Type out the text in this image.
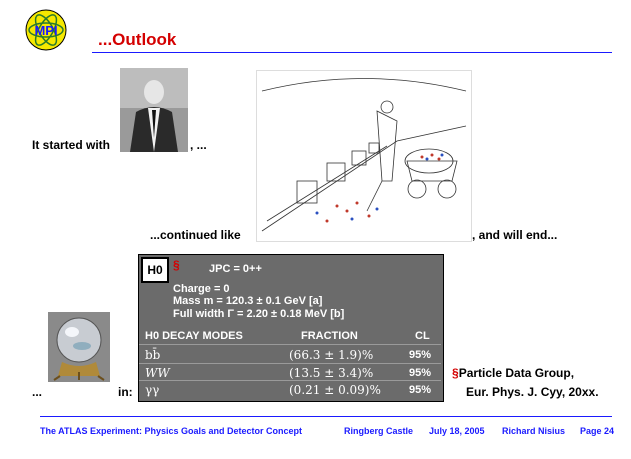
MPI ...Outlook
It started with	, ...
...continued like	, and will end...
H0 §	JPC = 0++
Charge = 0
Mass m = 120.3 ± 0.1 GeV [a]
Full width Γ = 2.20 ± 0.18 MeV [b]
H0 DECAY MODES	FRACTION	CL
bb̄	(66.3 ± 1.9)%	95%
WW	(13.5 ± 3.4)%	95%
γγ	(0.21 ± 0.09)%	95%
...	in:
§Particle Data Group,
Eur. Phys. J. Cyy, 20xx.
The ATLAS Experiment: Physics Goals and Detector Concept	Ringberg Castle July 18, 2005 Richard Nisius Page 24
